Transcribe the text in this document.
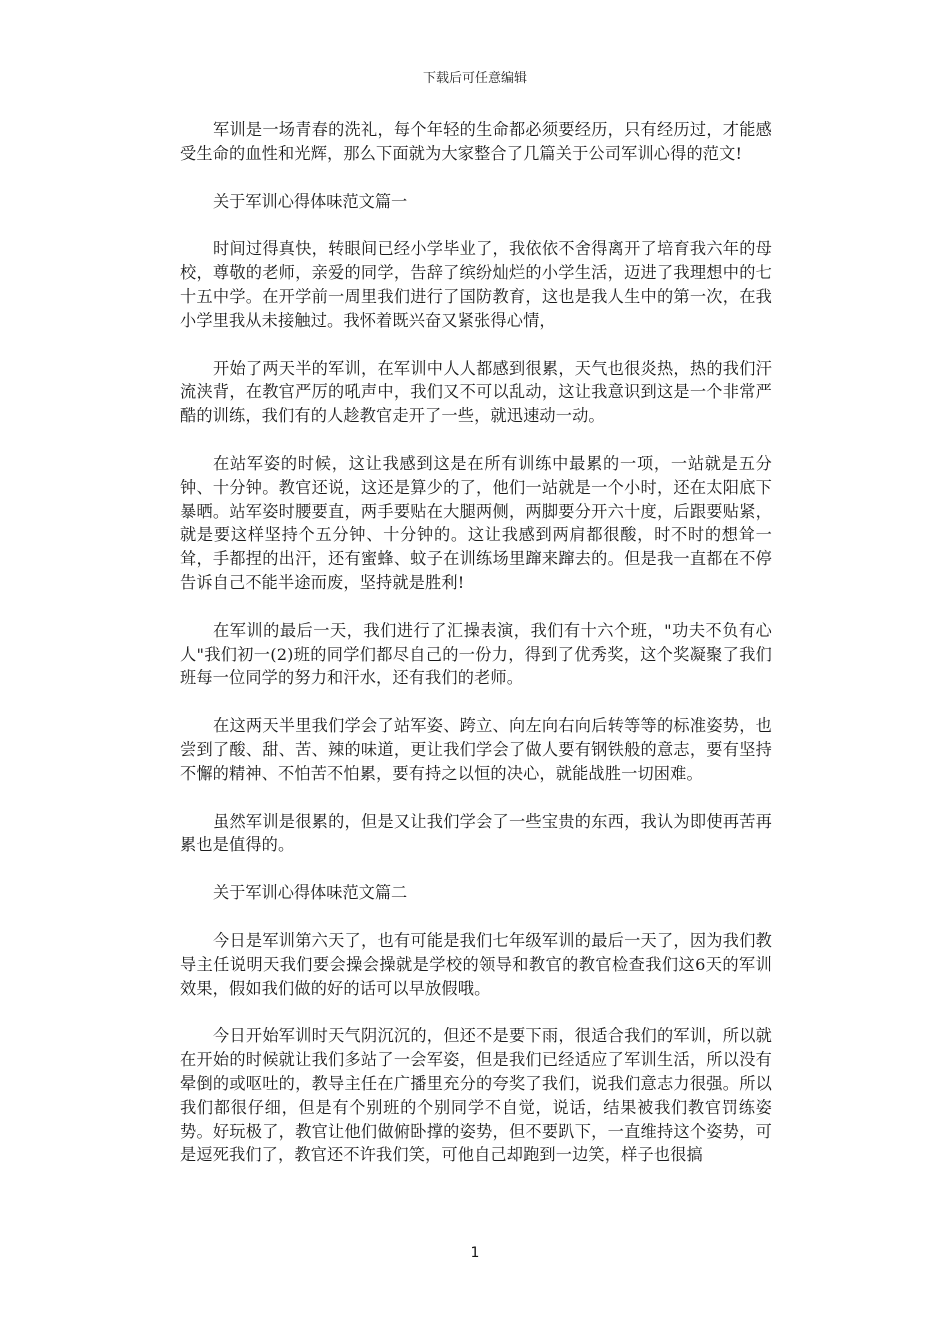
下载后可任意编辑

军训是一场青春的洗礼，每个年轻的生命都必须要经历，只有经历过，才能感受生命的血性和光辉，那么下面就为大家整合了几篇关于公司军训心得的范文!

关于军训心得体味范文篇一

时间过得真快，转眼间已经小学毕业了，我依依不舍得离开了培育我六年的母校，尊敬的老师，亲爱的同学，告辞了缤纷灿烂的小学生活，迈进了我理想中的七十五中学。在开学前一周里我们进行了国防教育，这也是我人生中的第一次，在我小学里我从未接触过。我怀着既兴奋又紧张得心情，

开始了两天半的军训，在军训中人人都感到很累，天气也很炎热，热的我们汗流浃背，在教官严厉的吼声中，我们又不可以乱动，这让我意识到这是一个非常严酷的训练，我们有的人趁教官走开了一些，就迅速动一动。

在站军姿的时候，这让我感到这是在所有训练中最累的一项，一站就是五分钟、十分钟。教官还说，这还是算少的了，他们一站就是一个小时，还在太阳底下暴晒。站军姿时腰要直，两手要贴在大腿两侧，两脚要分开六十度，后跟要贴紧，就是要这样坚持个五分钟、十分钟的。这让我感到两肩都很酸，时不时的想耸一耸，手都捏的出汗，还有蜜蜂、蚊子在训练场里蹿来蹿去的。但是我一直都在不停告诉自己不能半途而废，坚持就是胜利!

在军训的最后一天，我们进行了汇操表演，我们有十六个班，"功夫不负有心人"我们初一(2)班的同学们都尽自己的一份力，得到了优秀奖，这个奖凝聚了我们班每一位同学的努力和汗水，还有我们的老师。

在这两天半里我们学会了站军姿、跨立、向左向右向后转等等的标准姿势，也尝到了酸、甜、苦、辣的味道，更让我们学会了做人要有钢铁般的意志，要有坚持不懈的精神、不怕苦不怕累，要有持之以恒的决心，就能战胜一切困难。

虽然军训是很累的，但是又让我们学会了一些宝贵的东西，我认为即使再苦再累也是值得的。

关于军训心得体味范文篇二

今日是军训第六天了，也有可能是我们七年级军训的最后一天了，因为我们教导主任说明天我们要会操会操就是学校的领导和教官的教官检查我们这6天的军训效果，假如我们做的好的话可以早放假哦。

今日开始军训时天气阴沉沉的，但还不是要下雨，很适合我们的军训，所以就在开始的时候就让我们多站了一会军姿，但是我们已经适应了军训生活，所以没有晕倒的或呕吐的，教导主任在广播里充分的夸奖了我们，说我们意志力很强。所以我们都很仔细，但是有个别班的个别同学不自觉，说话，结果被我们教官罚练姿势。好玩极了，教官让他们做俯卧撑的姿势，但不要趴下，一直维持这个姿势，可是逗死我们了，教官还不许我们笑，可他自己却跑到一边笑，样子也很搞

1
